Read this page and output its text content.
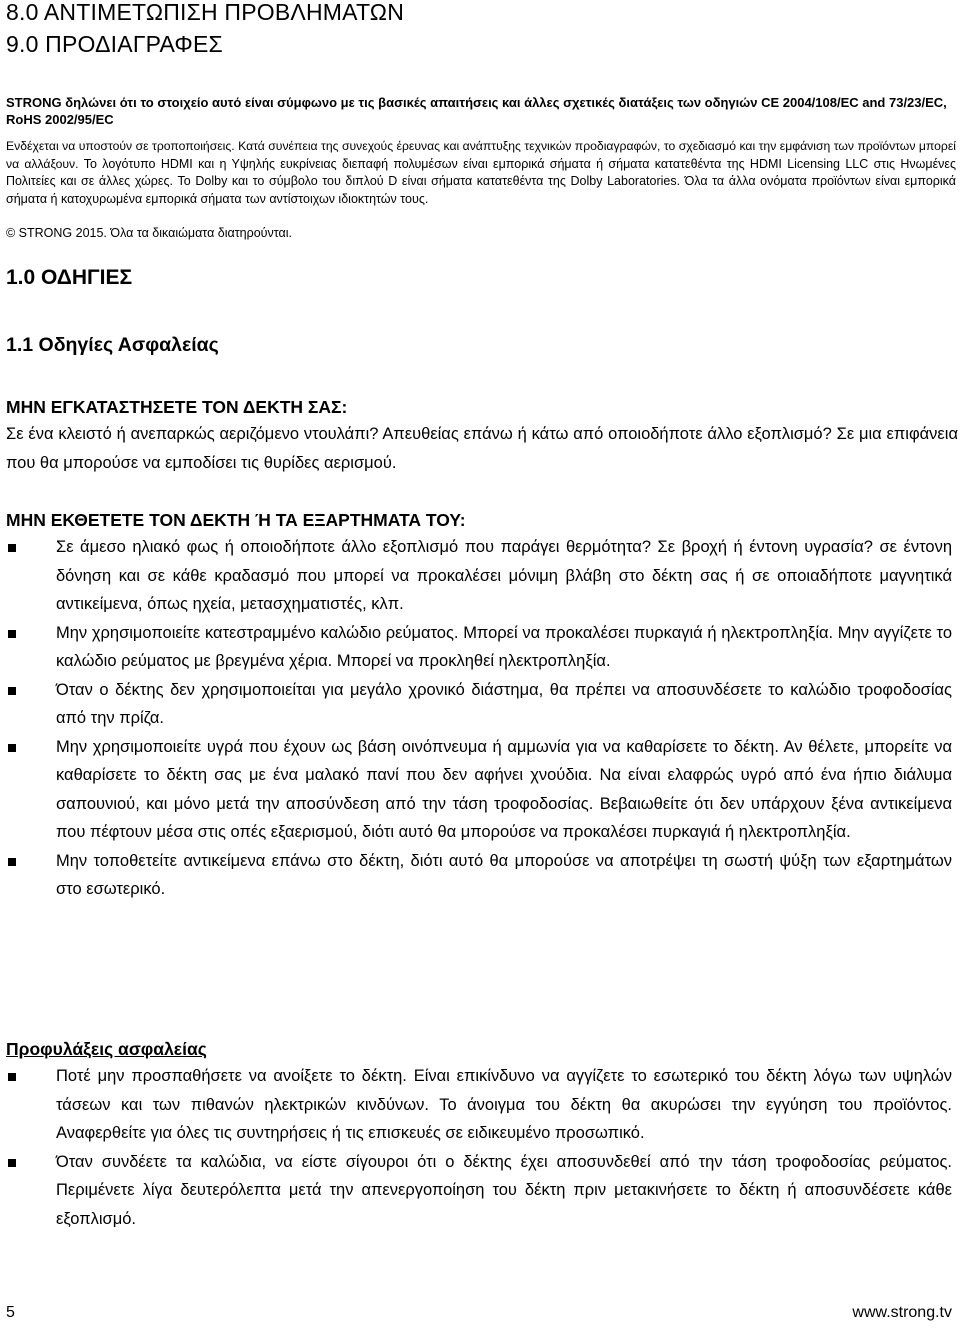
8.0 ΑΝΤΙΜΕΤΩΠΙΣΗ ΠΡΟΒΛΗΜΑΤΩΝ
9.0 ΠΡΟΔΙΑΓΡΑΦΕΣ

STRONG δηλώνει ότι το στοιχείο αυτό είναι σύμφωνο με τις βασικές απαιτήσεις και άλλες σχετικές διατάξεις των οδηγιών CE 2004/108/EC and 73/23/EC, RoHS 2002/95/EC

Ενδέχεται να υποστούν σε τροποποιήσεις. Κατά συνέπεια της συνεχούς έρευνας και ανάπτυξης τεχνικών προδιαγραφών, το σχεδιασμό και την εμφάνιση των προϊόντων μπορεί να αλλάξουν. Το λογότυπο HDMI και η Υψηλής ευκρίνειας διεπαφή πολυμέσων είναι εμπορικά σήματα ή σήματα κατατεθέντα της HDMI Licensing LLC στις Ηνωμένες Πολιτείες και σε άλλες χώρες. Το Dolby και το σύμβολο του διπλού D είναι σήματα κατατεθέντα της Dolby Laboratories. Όλα τα άλλα ονόματα προϊόντων είναι εμπορικά σήματα ή κατοχυρωμένα εμπορικά σήματα των αντίστοιχων ιδιοκτητών τους.

© STRONG 2015. Όλα τα δικαιώματα διατηρούνται.

1.0 ΟΔΗΓΙΕΣ
1.1 Οδηγίες Ασφαλείας

ΜΗΝ ΕΓΚΑΤΑΣΤΗΣΕΤΕ ΤΟΝ ΔΕΚΤΗ ΣΑΣ:

Σε ένα κλειστό ή ανεπαρκώς αεριζόμενο ντουλάπι? Απευθείας επάνω ή κάτω από οποιοδήποτε άλλο εξοπλισμό? Σε μια επιφάνεια που θα μπορούσε να εμποδίσει τις θυρίδες αερισμού.

ΜΗΝ ΕΚΘΕΤΕΤΕ ΤΟΝ ΔΕΚΤΗ Ή ΤΑ ΕΞΑΡΤΗΜΑΤΑ ΤΟΥ:

Σε άμεσο ηλιακό φως ή οποιοδήποτε άλλο εξοπλισμό που παράγει θερμότητα? Σε βροχή ή έντονη υγρασία? σε έντονη δόνηση και σε κάθε κραδασμό που μπορεί να προκαλέσει μόνιμη βλάβη στο δέκτη σας ή σε οποιαδήποτε μαγνητικά αντικείμενα, όπως ηχεία, μετασχηματιστές, κλπ.
Μην χρησιμοποιείτε κατεστραμμένο καλώδιο ρεύματος. Μπορεί να προκαλέσει πυρκαγιά ή ηλεκτροπληξία. Μην αγγίζετε το καλώδιο ρεύματος με βρεγμένα χέρια. Μπορεί να προκληθεί ηλεκτροπληξία.
Όταν ο δέκτης δεν χρησιμοποιείται για μεγάλο χρονικό διάστημα, θα πρέπει να αποσυνδέσετε το καλώδιο τροφοδοσίας από την πρίζα.
Μην χρησιμοποιείτε υγρά που έχουν ως βάση οινόπνευμα ή αμμωνία για να καθαρίσετε το δέκτη. Αν θέλετε, μπορείτε να καθαρίσετε το δέκτη σας με ένα μαλακό πανί που δεν αφήνει χνούδια. Να είναι ελαφρώς υγρό από ένα ήπιο διάλυμα σαπουνιού, και μόνο μετά την αποσύνδεση από την τάση τροφοδοσίας. Βεβαιωθείτε ότι δεν υπάρχουν ξένα αντικείμενα που πέφτουν μέσα στις οπές εξαερισμού, διότι αυτό θα μπορούσε να προκαλέσει πυρκαγιά ή ηλεκτροπληξία.
Μην τοποθετείτε αντικείμενα επάνω στο δέκτη, διότι αυτό θα μπορούσε να αποτρέψει τη σωστή ψύξη των εξαρτημάτων στο εσωτερικό.

Προφυλάξεις ασφαλείας

Ποτέ μην προσπαθήσετε να ανοίξετε το δέκτη. Είναι επικίνδυνο να αγγίζετε το εσωτερικό του δέκτη λόγω των υψηλών τάσεων και των πιθανών ηλεκτρικών κινδύνων. Το άνοιγμα του δέκτη θα ακυρώσει την εγγύηση του προϊόντος. Αναφερθείτε για όλες τις συντηρήσεις ή τις επισκευές σε ειδικευμένο προσωπικό.
Όταν συνδέετε τα καλώδια, να είστε σίγουροι ότι ο δέκτης έχει αποσυνδεθεί από την τάση τροφοδοσίας ρεύματος. Περιμένετε λίγα δευτερόλεπτα μετά την απενεργοποίηση του δέκτη πριν μετακινήσετε το δέκτη ή αποσυνδέσετε κάθε εξοπλισμό.
5	www.strong.tv
